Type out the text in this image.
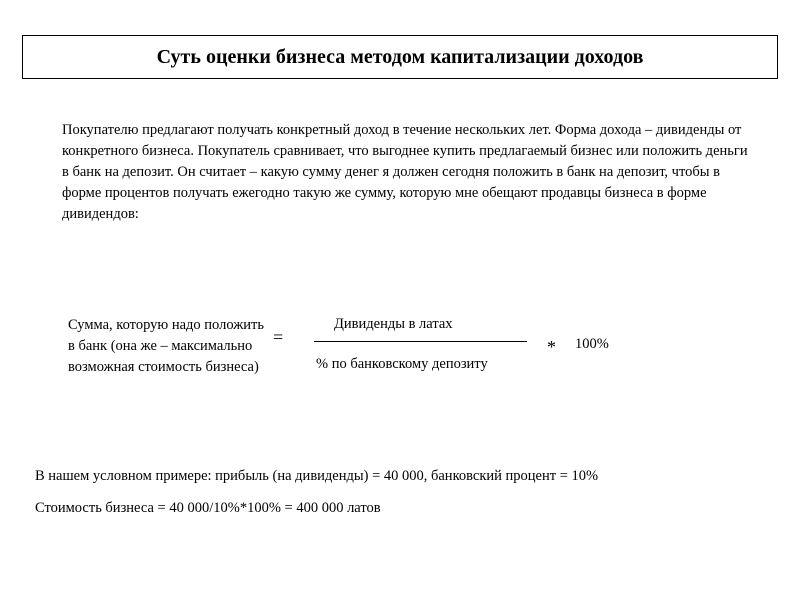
Суть оценки бизнеса методом капитализации доходов

Покупателю предлагают получать конкретный доход в течение нескольких лет. Форма дохода – дивиденды от конкретного бизнеса. Покупатель сравнивает, что выгоднее купить предлагаемый бизнес или положить деньги в банк на депозит. Он считает – какую сумму денег я должен сегодня положить в банк на депозит, чтобы в форме процентов получать ежегодно такую же сумму, которую мне обещают продавцы бизнеса в форме дивидендов:

Сумма, которую надо положить в банк (она же – максимально возможная стоимость бизнеса)

=
Дивиденды в латах
% по банковскому депозиту
* 100%
В нашем условном примере: прибыль (на дивиденды) = 40 000, банковский процент = 10%
Стоимость бизнеса = 40 000/10%*100% = 400 000 латов
